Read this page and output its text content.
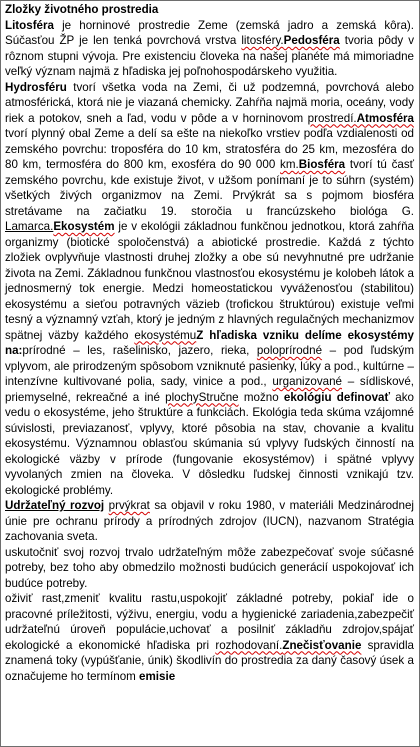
Zložky životného prostredia

Litosféra je horninové prostredie Zeme (zemská jadro a zemská kôra). Súčasťou ŽP je len tenká povrchová vrstva litosféry.Pedosféra tvoria pôdy v rôznom stupni vývoja. Pre existenciu človeka na našej planéte má mimoriadne veľký význam najmä z hľadiska jej poľnohospodárskeho využitia.

Hydrosféru tvorí všetka voda na Zemi, či už podzemná, povrchová alebo atmosférická, ktorá nie je viazaná chemicky. Zahŕňa najmä moria, oceány, vody riek a potokov, sneh a ľad, vodu v pôde a v horninovom prostredí.Atmosféra tvorí plynný obal Zeme a delí sa ešte na niekoľko vrstiev podľa vzdialenosti od zemského povrchu: troposféra do 10 km, stratosféra do 25 km, mezosféra do 80 km, termosféra do 800 km, exosféra do 90 000 km.Biosféra tvorí tú časť zemského povrchu, kde existuje život, v užšom ponímaní je to súhrn (systém) všetkých živých organizmov na Zemi. Prvýkrát sa s pojmom biosféra stretávame na začiatku 19. storočia u francúzskeho biológa G. Lamarca.Ekosystém je v ekológii základnou funkčnou jednotkou, ktorá zahŕňa organizmy (biotické spoločenstvá) a abiotické prostredie. Každá z týchto zložiek ovplyvňuje vlastnosti druhej zložky a obe sú nevyhnutné pre udržanie života na Zemi. Základnou funkčnou vlastnosťou ekosystému je kolobeh látok a jednosmerný tok energie. Medzi homeostatickou vyváženosťou (stabilitou) ekosystému a sieťou potravných väzieb (trofickou štruktúrou) existuje veľmi tesný a významný vzťah, ktorý je jedným z hlavných regulačných mechanizmov spätnej väzby každého ekosystémuZ hľadiska vzniku delíme ekosystémy na:prírodné – les, rašelinisko, jazero, rieka, poloprírodné – pod ľudským vplyvom, ale prirodzeným spôsobom vzniknuté pasienky, lúky a pod., kultúrne – intenzívne kultivované polia, sady, vinice a pod., urganizované – sídliskové, priemyselné, rekreačné a iné plochyStručne možno ekológiu definovať ako vedu o ekosystéme, jeho štruktúre a funkciách. Ekológia teda skúma vzájomné súvislosti, previazanosť, vplyvy, ktoré pôsobia na stav, chovanie a kvalitu ekosystému. Významnou oblasťou skúmania sú vplyvy ľudských činností na ekologické väzby v prírode (fungovanie ekosystémov) i spätné vplyvy vyvolaných zmien na človeka. V dôsledku ľudskej činnosti vznikajú tzv. ekologické problémy.

Udržateľný rozvoj prvýkrat sa objavil v roku 1980, v materiáli Medzinárodnej únie pre ochranu prírody a prírodných zdrojov (IUCN), nazvanom Stratégia zachovania sveta.

uskutočniť svoj rozvoj trvalo udržateľným môže zabezpečovať svoje súčasné potreby, bez toho aby obmedzilo možnosti budúcich generácií uspokojovať ich budúce potreby.

oživiť rast,zmeniť kvalitu rastu,uspokojiť základné potreby, pokiaľ ide o pracovné príležitosti, výživu, energiu, vodu a hygienické zariadenia,zabezpečiť udržateľnú úroveň populácie,uchovať a posilniť základňu zdrojov,spájať ekologické a ekonomické hľadiska pri rozhodovaní.Znečisťovanie spravidla znamená toky (vypúšťanie, únik) škodlivín do prostredia za daný časový úsek a označujeme ho termínom emisie
